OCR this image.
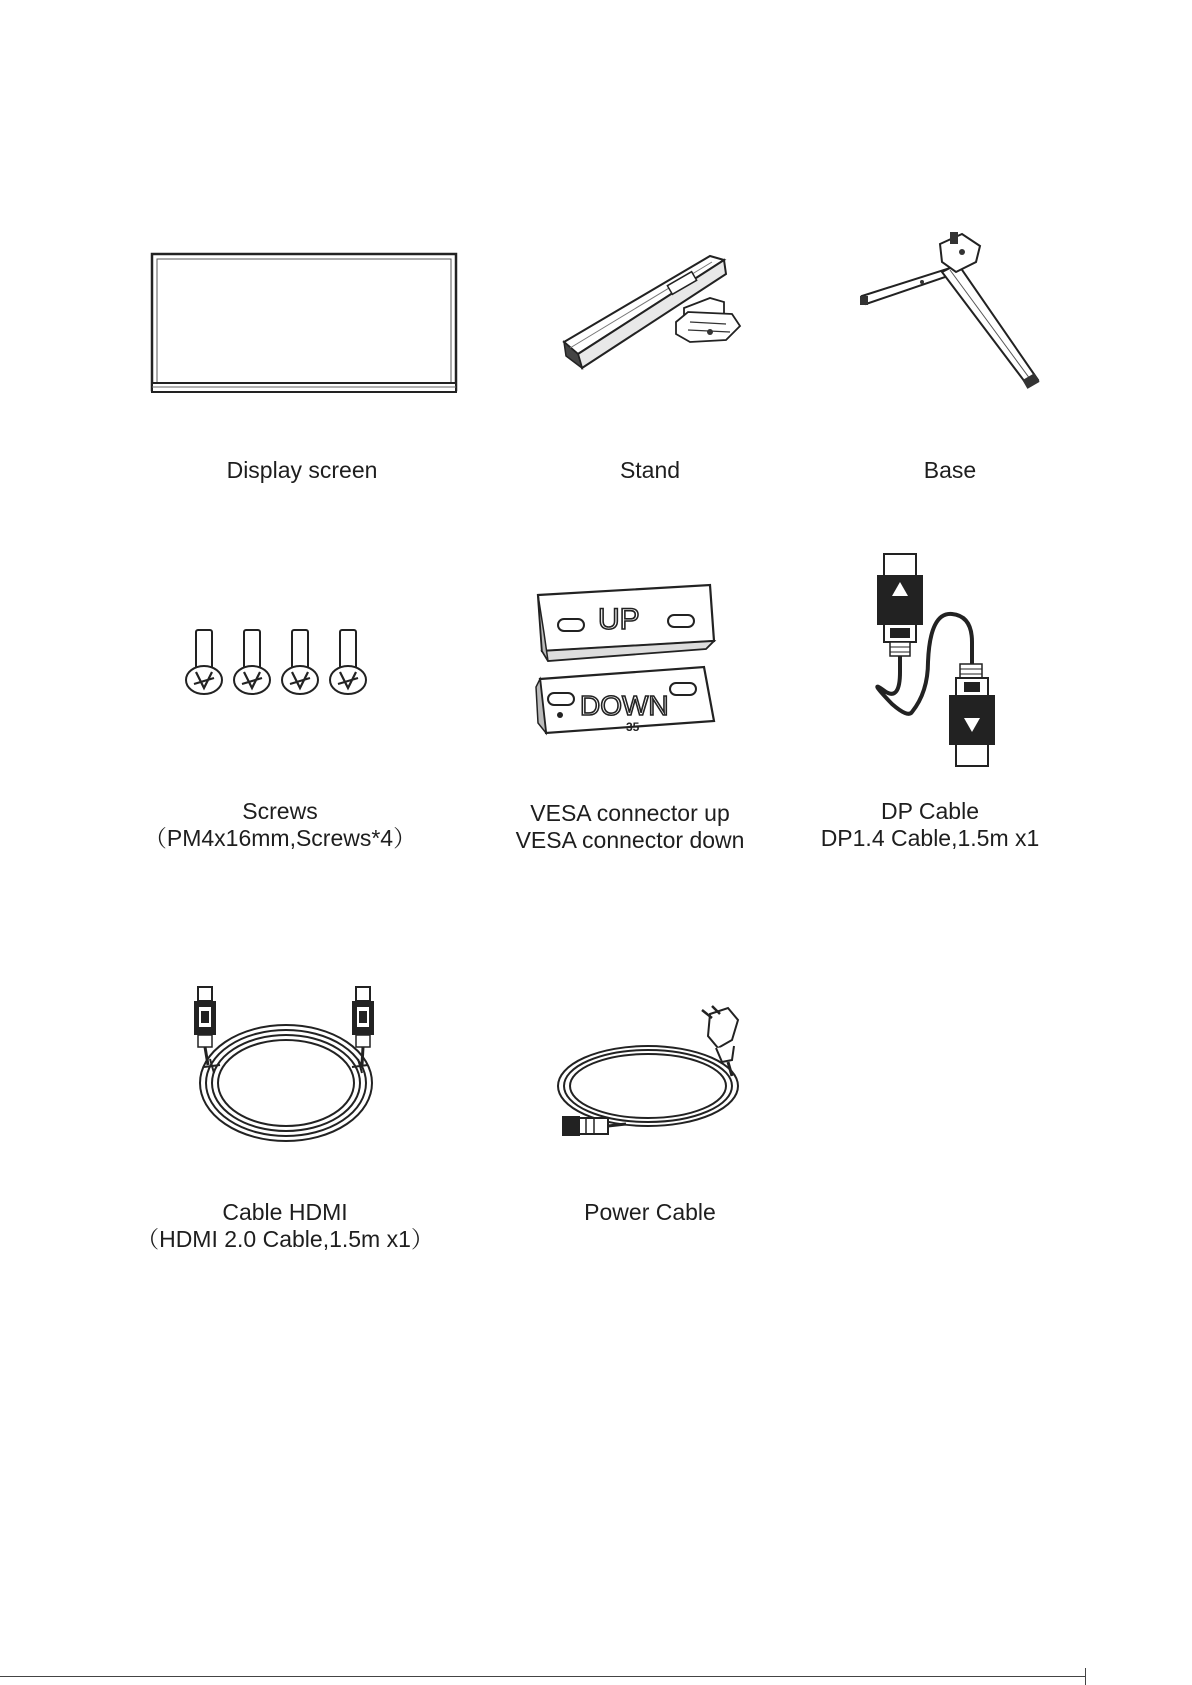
UP
DOWN
35
Display screen	Stand	Base
Screws
（PM4x16mm,Screws*4）
VESA connector up
VESA connector down
DP Cable
DP1.4 Cable,1.5m x1
Cable HDMI
（HDMI 2.0 Cable,1.5m x1）
Power Cable
